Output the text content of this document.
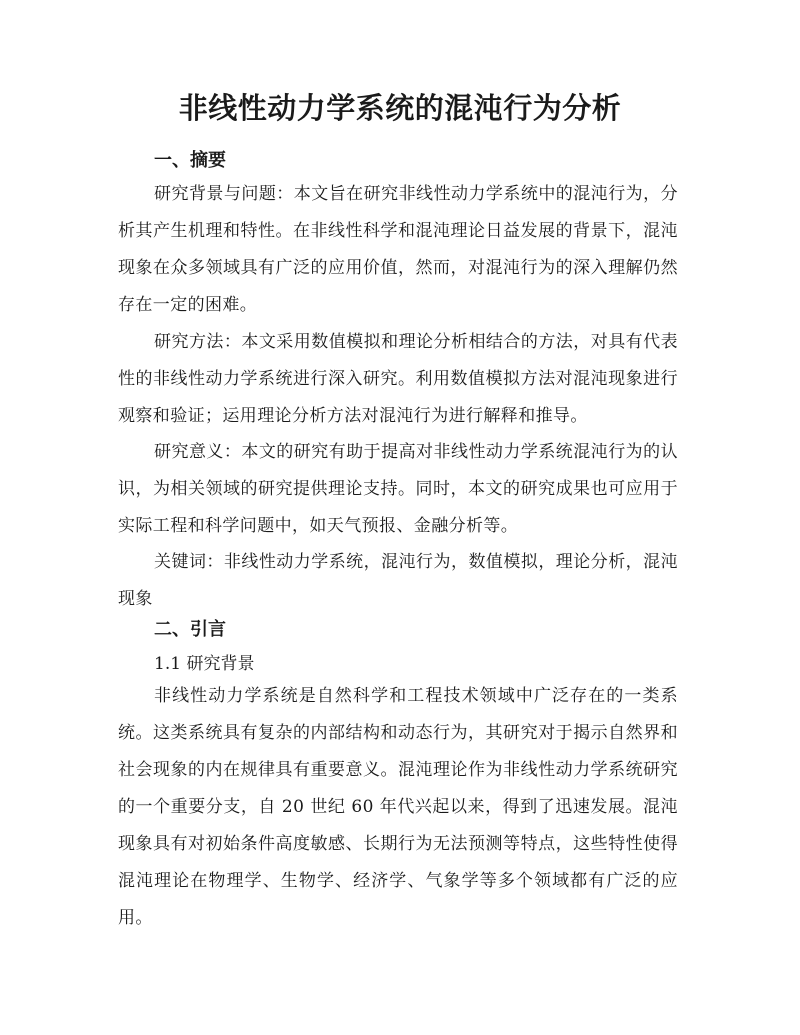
非线性动力学系统的混沌行为分析
一、摘要

研究背景与问题：本文旨在研究非线性动力学系统中的混沌行为，分析其产生机理和特性。在非线性科学和混沌理论日益发展的背景下，混沌现象在众多领域具有广泛的应用价值，然而，对混沌行为的深入理解仍然存在一定的困难。

研究方法：本文采用数值模拟和理论分析相结合的方法，对具有代表性的非线性动力学系统进行深入研究。利用数值模拟方法对混沌现象进行观察和验证；运用理论分析方法对混沌行为进行解释和推导。

研究意义：本文的研究有助于提高对非线性动力学系统混沌行为的认识，为相关领域的研究提供理论支持。同时，本文的研究成果也可应用于实际工程和科学问题中，如天气预报、金融分析等。

关键词：非线性动力学系统，混沌行为，数值模拟，理论分析，混沌现象

二、引言
1.1 研究背景

非线性动力学系统是自然科学和工程技术领域中广泛存在的一类系统。这类系统具有复杂的内部结构和动态行为，其研究对于揭示自然界和社会现象的内在规律具有重要意义。混沌理论作为非线性动力学系统研究的一个重要分支，自 20 世纪 60 年代兴起以来，得到了迅速发展。混沌现象具有对初始条件高度敏感、长期行为无法预测等特点，这些特性使得混沌理论在物理学、生物学、经济学、气象学等多个领域都有广泛的应用。
